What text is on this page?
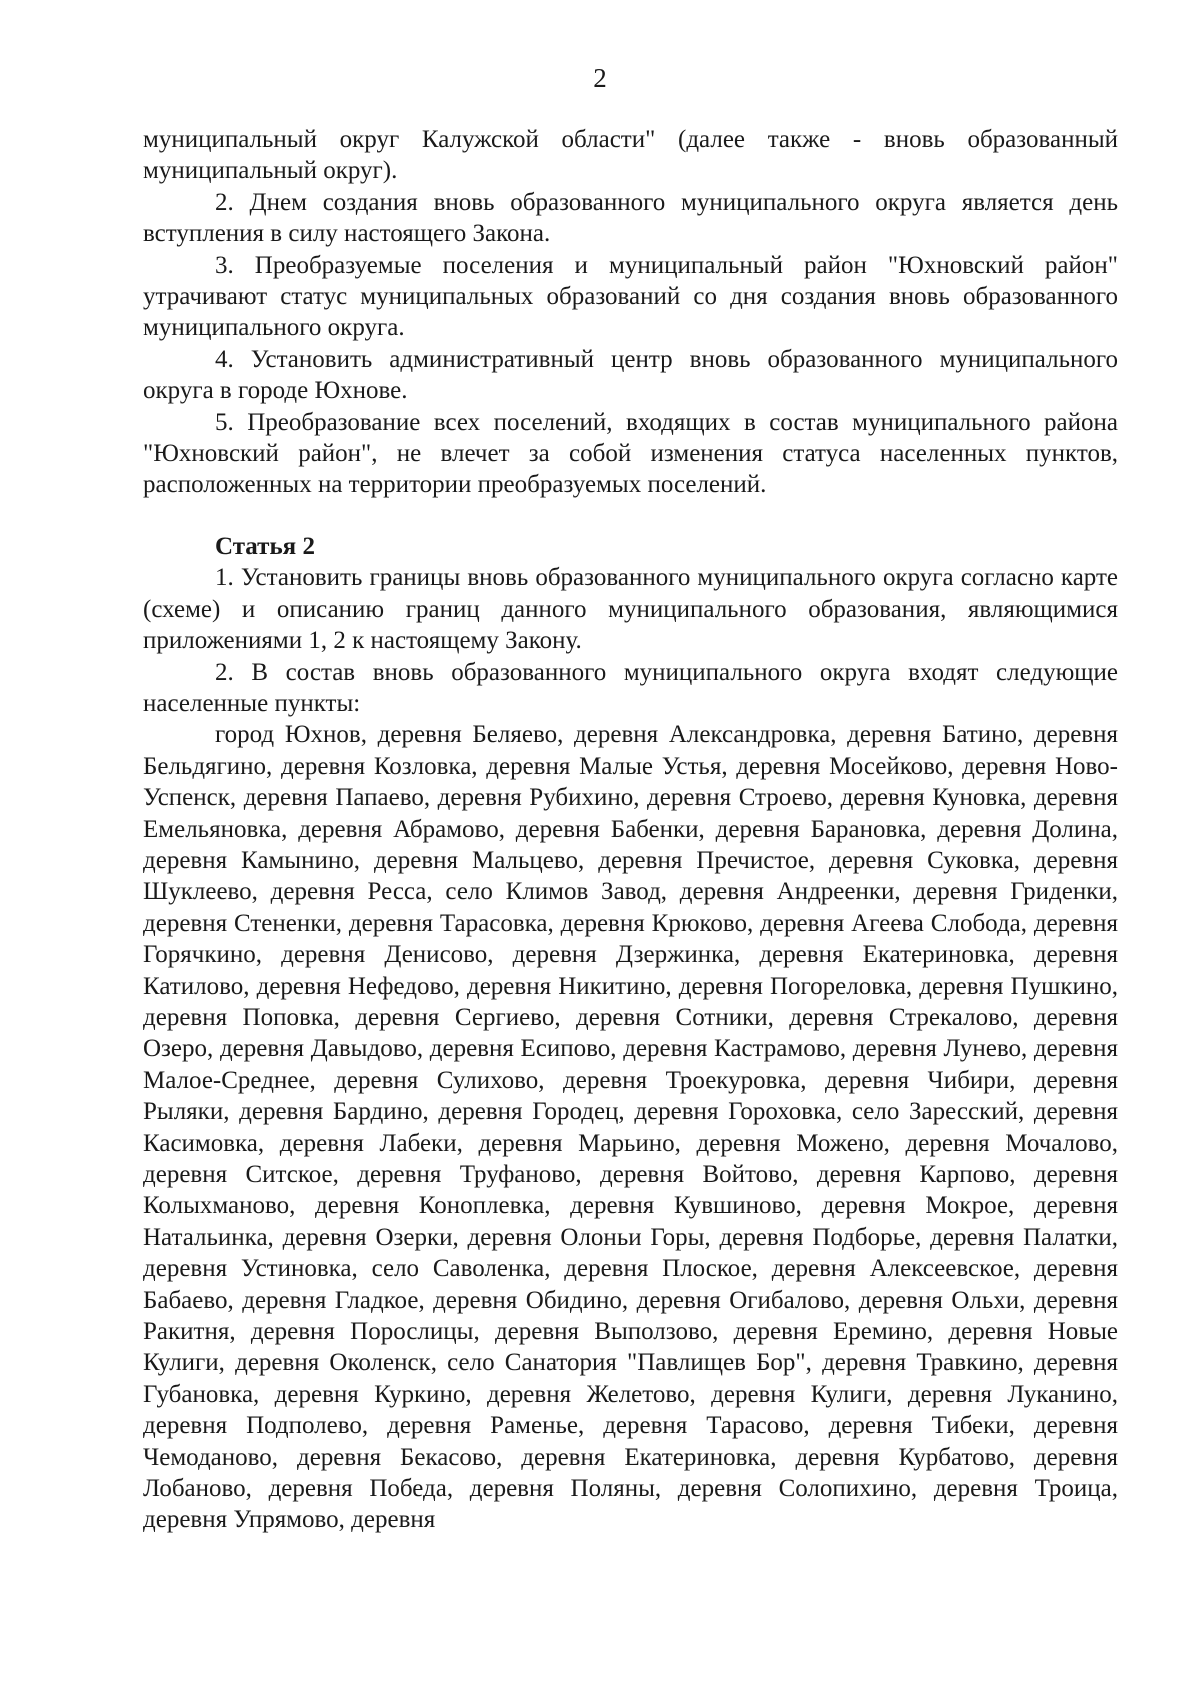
2

муниципальный округ Калужской области" (далее также - вновь образованный муниципальный округ).

2. Днем создания вновь образованного муниципального округа является день вступления в силу настоящего Закона.

3. Преобразуемые поселения и муниципальный район "Юхновский район" утрачивают статус муниципальных образований со дня создания вновь образованного муниципального округа.

4. Установить административный центр вновь образованного муниципального округа в городе Юхнове.

5. Преобразование всех поселений, входящих в состав муниципального района "Юхновский район", не влечет за собой изменения статуса населенных пунктов, расположенных на территории преобразуемых поселений.

Статья 2

1. Установить границы вновь образованного муниципального округа согласно карте (схеме) и описанию границ данного муниципального образования, являющимися приложениями 1, 2 к настоящему Закону.

2. В состав вновь образованного муниципального округа входят следующие населенные пункты:

город Юхнов, деревня Беляево, деревня Александровка, деревня Батино, деревня Бельдягино, деревня Козловка, деревня Малые Устья, деревня Мосейково, деревня Ново-Успенск, деревня Папаево, деревня Рубихино, деревня Строево, деревня Куновка, деревня Емельяновка, деревня Абрамово, деревня Бабенки, деревня Барановка, деревня Долина, деревня Камынино, деревня Мальцево, деревня Пречистое, деревня Суковка, деревня Шуклеево, деревня Ресса, село Климов Завод, деревня Андреенки, деревня Гриденки, деревня Стененки, деревня Тарасовка, деревня Крюково, деревня Агеева Слобода, деревня Горячкино, деревня Денисово, деревня Дзержинка, деревня Екатериновка, деревня Катилово, деревня Нефедово, деревня Никитино, деревня Погореловка, деревня Пушкино, деревня Поповка, деревня Сергиево, деревня Сотники, деревня Стрекалово, деревня Озеро, деревня Давыдово, деревня Есипово, деревня Кастрамово, деревня Лунево, деревня Малое-Среднее, деревня Сулихово, деревня Троекуровка, деревня Чибири, деревня Рыляки, деревня Бардино, деревня Городец, деревня Гороховка, село Зaресский, деревня Касимовка, деревня Лабеки, деревня Марьино, деревня Можено, деревня Мочалово, деревня Ситское, деревня Труфаново, деревня Войтово, деревня Карпово, деревня Колыхманово, деревня Коноплевка, деревня Кувшиново, деревня Мокрое, деревня Натальинка, деревня Озерки, деревня Олоньи Горы, деревня Подборье, деревня Палатки, деревня Устиновка, село Саволенка, деревня Плоское, деревня Алексеевское, деревня Бабаево, деревня Гладкое, деревня Обидино, деревня Огибалово, деревня Ольхи, деревня Ракитня, деревня Порослицы, деревня Выползово, деревня Еремино, деревня Новые Кулиги, деревня Околенск, село Санатория "Павлищев Бор", деревня Травкино, деревня Губановка, деревня Куркино, деревня Желетово, деревня Кулиги, деревня Луканино, деревня Подполево, деревня Раменье, деревня Тарасово, деревня Тибеки, деревня Чемоданово, деревня Бекасово, деревня Екатериновка, деревня Курбатово, деревня Лобаново, деревня Победа, деревня Поляны, деревня Солопихино, деревня Троица, деревня Упрямово, деревня
